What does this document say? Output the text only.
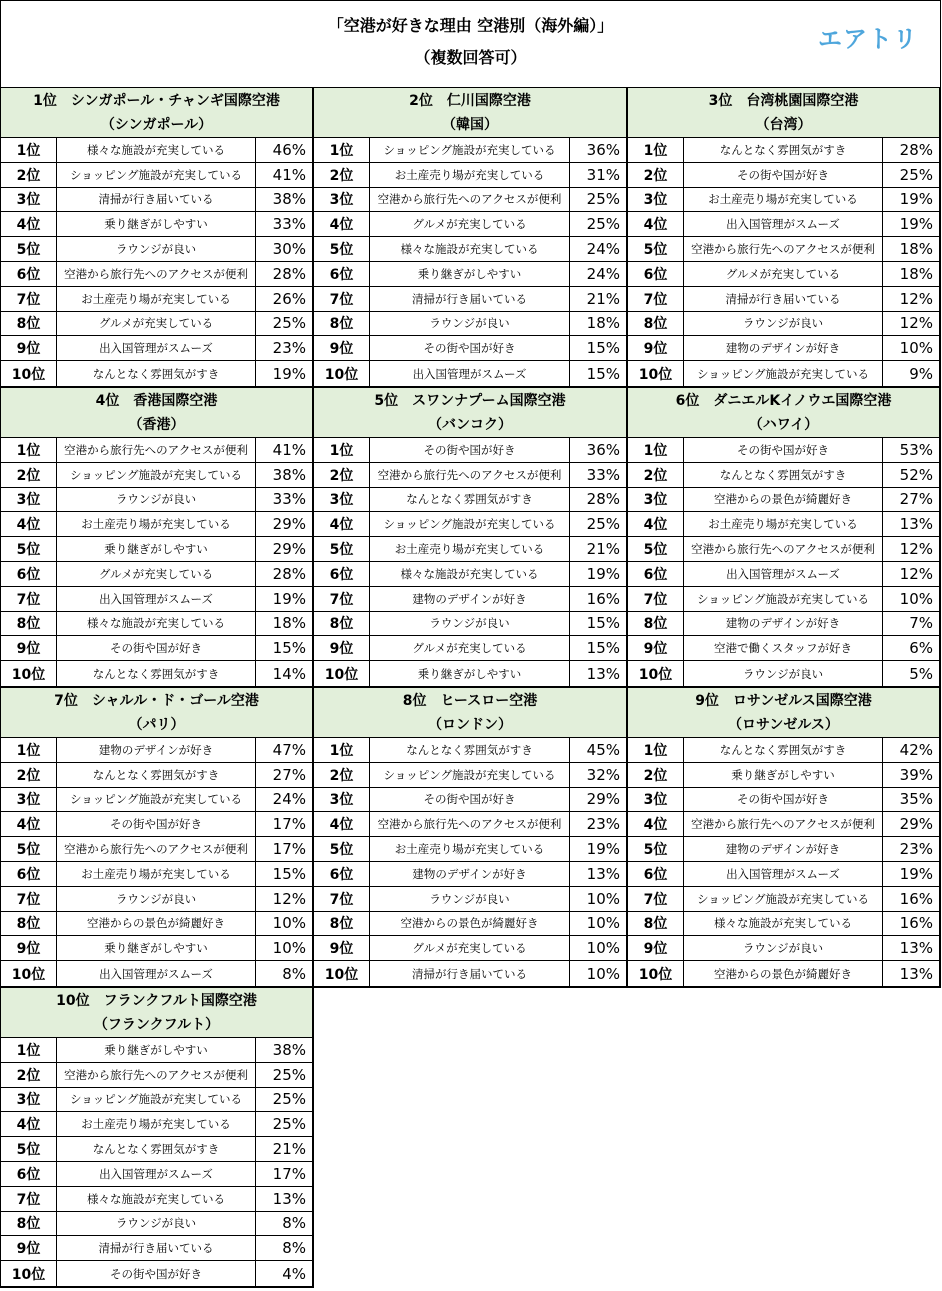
「空港が好きな理由 空港別（海外編）」
（複数回答可）
エアトリ
1位　シンガポール・チャンギ国際空港
（シンガポール）
1位	様々な施設が充実している	46%
2位	ショッピング施設が充実している	41%
3位	清掃が行き届いている	38%
4位	乗り継ぎがしやすい	33%
5位	ラウンジが良い	30%
6位	空港から旅行先へのアクセスが便利	28%
7位	お土産売り場が充実している	26%
8位	グルメが充実している	25%
9位	出入国管理がスムーズ	23%
10位	なんとなく雰囲気がすき	19%
2位　仁川国際空港
（韓国）
1位	ショッピング施設が充実している	36%
2位	お土産売り場が充実している	31%
3位	空港から旅行先へのアクセスが便利	25%
4位	グルメが充実している	25%
5位	様々な施設が充実している	24%
6位	乗り継ぎがしやすい	24%
7位	清掃が行き届いている	21%
8位	ラウンジが良い	18%
9位	その街や国が好き	15%
10位	出入国管理がスムーズ	15%
3位　台湾桃園国際空港
（台湾）
1位	なんとなく雰囲気がすき	28%
2位	その街や国が好き	25%
3位	お土産売り場が充実している	19%
4位	出入国管理がスムーズ	19%
5位	空港から旅行先へのアクセスが便利	18%
6位	グルメが充実している	18%
7位	清掃が行き届いている	12%
8位	ラウンジが良い	12%
9位	建物のデザインが好き	10%
10位	ショッピング施設が充実している	9%
4位　香港国際空港
（香港）
1位	空港から旅行先へのアクセスが便利	41%
2位	ショッピング施設が充実している	38%
3位	ラウンジが良い	33%
4位	お土産売り場が充実している	29%
5位	乗り継ぎがしやすい	29%
6位	グルメが充実している	28%
7位	出入国管理がスムーズ	19%
8位	様々な施設が充実している	18%
9位	その街や国が好き	15%
10位	なんとなく雰囲気がすき	14%
5位　スワンナプーム国際空港
（バンコク）
1位	その街や国が好き	36%
2位	空港から旅行先へのアクセスが便利	33%
3位	なんとなく雰囲気がすき	28%
4位	ショッピング施設が充実している	25%
5位	お土産売り場が充実している	21%
6位	様々な施設が充実している	19%
7位	建物のデザインが好き	16%
8位	ラウンジが良い	15%
9位	グルメが充実している	15%
10位	乗り継ぎがしやすい	13%
6位　ダニエルKイノウエ国際空港
（ハワイ）
1位	その街や国が好き	53%
2位	なんとなく雰囲気がすき	52%
3位	空港からの景色が綺麗好き	27%
4位	お土産売り場が充実している	13%
5位	空港から旅行先へのアクセスが便利	12%
6位	出入国管理がスムーズ	12%
7位	ショッピング施設が充実している	10%
8位	建物のデザインが好き	7%
9位	空港で働くスタッフが好き	6%
10位	ラウンジが良い	5%
7位　シャルル・ド・ゴール空港
（パリ）
1位	建物のデザインが好き	47%
2位	なんとなく雰囲気がすき	27%
3位	ショッピング施設が充実している	24%
4位	その街や国が好き	17%
5位	空港から旅行先へのアクセスが便利	17%
6位	お土産売り場が充実している	15%
7位	ラウンジが良い	12%
8位	空港からの景色が綺麗好き	10%
9位	乗り継ぎがしやすい	10%
10位	出入国管理がスムーズ	8%
8位　ヒースロー空港
（ロンドン）
1位	なんとなく雰囲気がすき	45%
2位	ショッピング施設が充実している	32%
3位	その街や国が好き	29%
4位	空港から旅行先へのアクセスが便利	23%
5位	お土産売り場が充実している	19%
6位	建物のデザインが好き	13%
7位	ラウンジが良い	10%
8位	空港からの景色が綺麗好き	10%
9位	グルメが充実している	10%
10位	清掃が行き届いている	10%
9位　ロサンゼルス国際空港
（ロサンゼルス）
1位	なんとなく雰囲気がすき	42%
2位	乗り継ぎがしやすい	39%
3位	その街や国が好き	35%
4位	空港から旅行先へのアクセスが便利	29%
5位	建物のデザインが好き	23%
6位	出入国管理がスムーズ	19%
7位	ショッピング施設が充実している	16%
8位	様々な施設が充実している	16%
9位	ラウンジが良い	13%
10位	空港からの景色が綺麗好き	13%
10位　フランクフルト国際空港
（フランクフルト）
1位	乗り継ぎがしやすい	38%
2位	空港から旅行先へのアクセスが便利	25%
3位	ショッピング施設が充実している	25%
4位	お土産売り場が充実している	25%
5位	なんとなく雰囲気がすき	21%
6位	出入国管理がスムーズ	17%
7位	様々な施設が充実している	13%
8位	ラウンジが良い	8%
9位	清掃が行き届いている	8%
10位	その街や国が好き	4%
